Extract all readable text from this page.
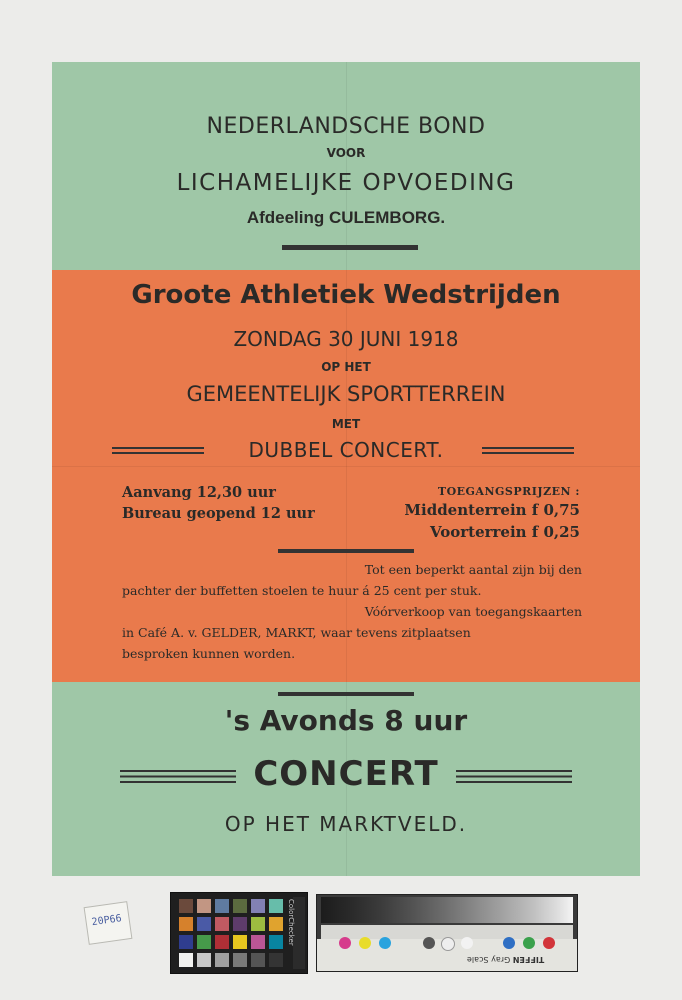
NEDERLANDSCHE BOND
VOOR
LICHAMELIJKE OPVOEDING
Afdeeling CULEMBORG.
Groote Athletiek Wedstrijden
ZONDAG 30 JUNI 1918
OP HET
GEMEENTELIJK SPORTTERREIN
MET
DUBBEL CONCERT.
Aanvang 12,30 uur
Bureau geopend 12 uur
TOEGANGSPRIJZEN :
Middenterrein f 0,75
Voorterrein f 0,25
Tot een beperkt aantal zijn bij den
pachter der buffetten stoelen te huur á 25 cent per stuk.
Vóórverkoop van toegangskaarten
in Café A. v. GELDER, MARKT, waar tevens zitplaatsen
besproken kunnen worden.
's Avonds 8 uur
CONCERT
OP HET MARKTVELD.
20P66	ColorChecker
TIFFEN Gray Scale
